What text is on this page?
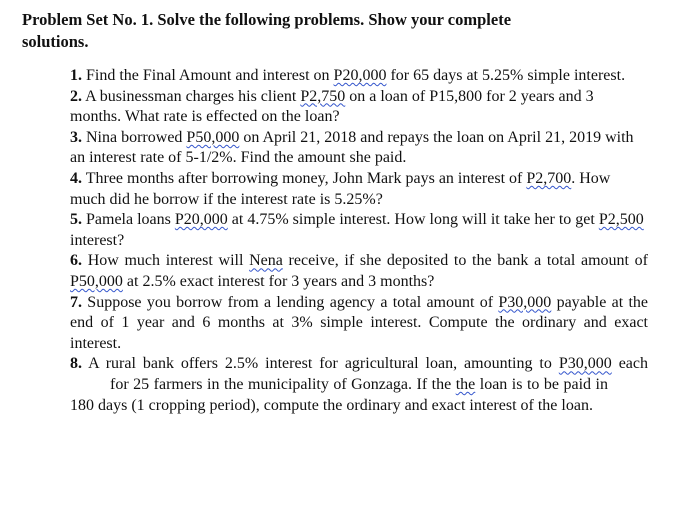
Problem Set No. 1. Solve the following problems. Show your complete
solutions.
1. Find the Final Amount and interest on P20,000 for 65 days at 5.25% simple interest.
2. A businessman charges his client P2,750 on a loan of P15,800 for 2 years and 3 months. What rate is effected on the loan?
3. Nina borrowed P50,000 on April 21, 2018 and repays the loan on April 21, 2019 with an interest rate of 5-1/2%. Find the amount she paid.
4. Three months after borrowing money, John Mark pays an interest of P2,700. How much did he borrow if the interest rate is 5.25%?
5. Pamela loans P20,000 at 4.75% simple interest. How long will it take her to get P2,500 interest?
6. How much interest will Nena receive, if she deposited to the bank a total amount of P50,000 at 2.5% exact interest for 3 years and 3 months?
7. Suppose you borrow from a lending agency a total amount of P30,000 payable at the end of 1 year and 6 months at 3% simple interest. Compute the ordinary and exact interest.
8. A rural bank offers 2.5% interest for agricultural loan, amounting to P30,000 eachfor 25 farmers in the municipality of Gonzaga. If the the loan is to be paid in180 days (1 cropping period), compute the ordinary and exact interest of the loan.
